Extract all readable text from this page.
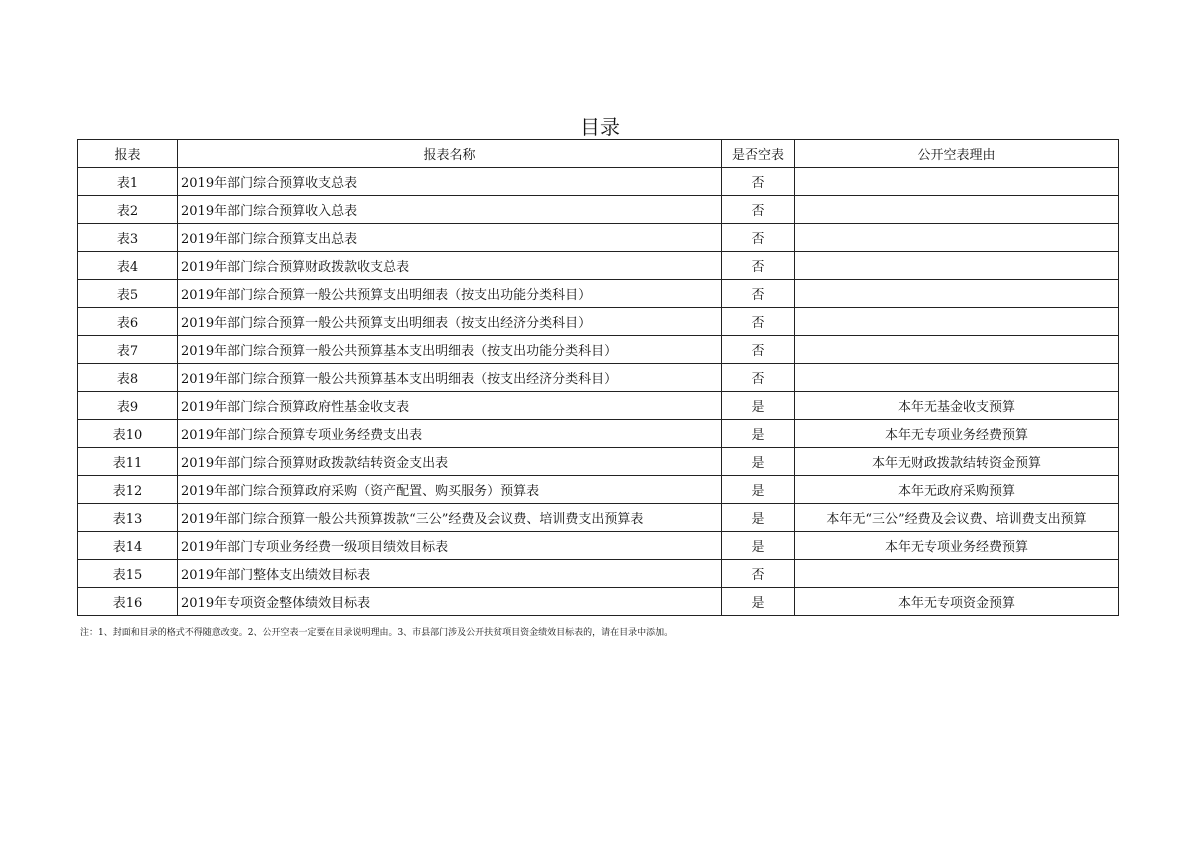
目录
报表	报表名称	是否空表	公开空表理由
表1	2019年部门综合预算收支总表	否	
表2	2019年部门综合预算收入总表	否	
表3	2019年部门综合预算支出总表	否	
表4	2019年部门综合预算财政拨款收支总表	否	
表5	2019年部门综合预算一般公共预算支出明细表（按支出功能分类科目）	否	
表6	2019年部门综合预算一般公共预算支出明细表（按支出经济分类科目）	否	
表7	2019年部门综合预算一般公共预算基本支出明细表（按支出功能分类科目）	否	
表8	2019年部门综合预算一般公共预算基本支出明细表（按支出经济分类科目）	否	
表9	2019年部门综合预算政府性基金收支表	是	本年无基金收支预算
表10	2019年部门综合预算专项业务经费支出表	是	本年无专项业务经费预算
表11	2019年部门综合预算财政拨款结转资金支出表	是	本年无财政拨款结转资金预算
表12	2019年部门综合预算政府采购（资产配置、购买服务）预算表	是	本年无政府采购预算
表13	2019年部门综合预算一般公共预算拨款“三公”经费及会议费、培训费支出预算表	是	本年无“三公”经费及会议费、培训费支出预算
表14	2019年部门专项业务经费一级项目绩效目标表	是	本年无专项业务经费预算
表15	2019年部门整体支出绩效目标表	否	
表16	2019年专项资金整体绩效目标表	是	本年无专项资金预算
注：1、封面和目录的格式不得随意改变。2、公开空表一定要在目录说明理由。3、市县部门涉及公开扶贫项目资金绩效目标表的，请在目录中添加。
